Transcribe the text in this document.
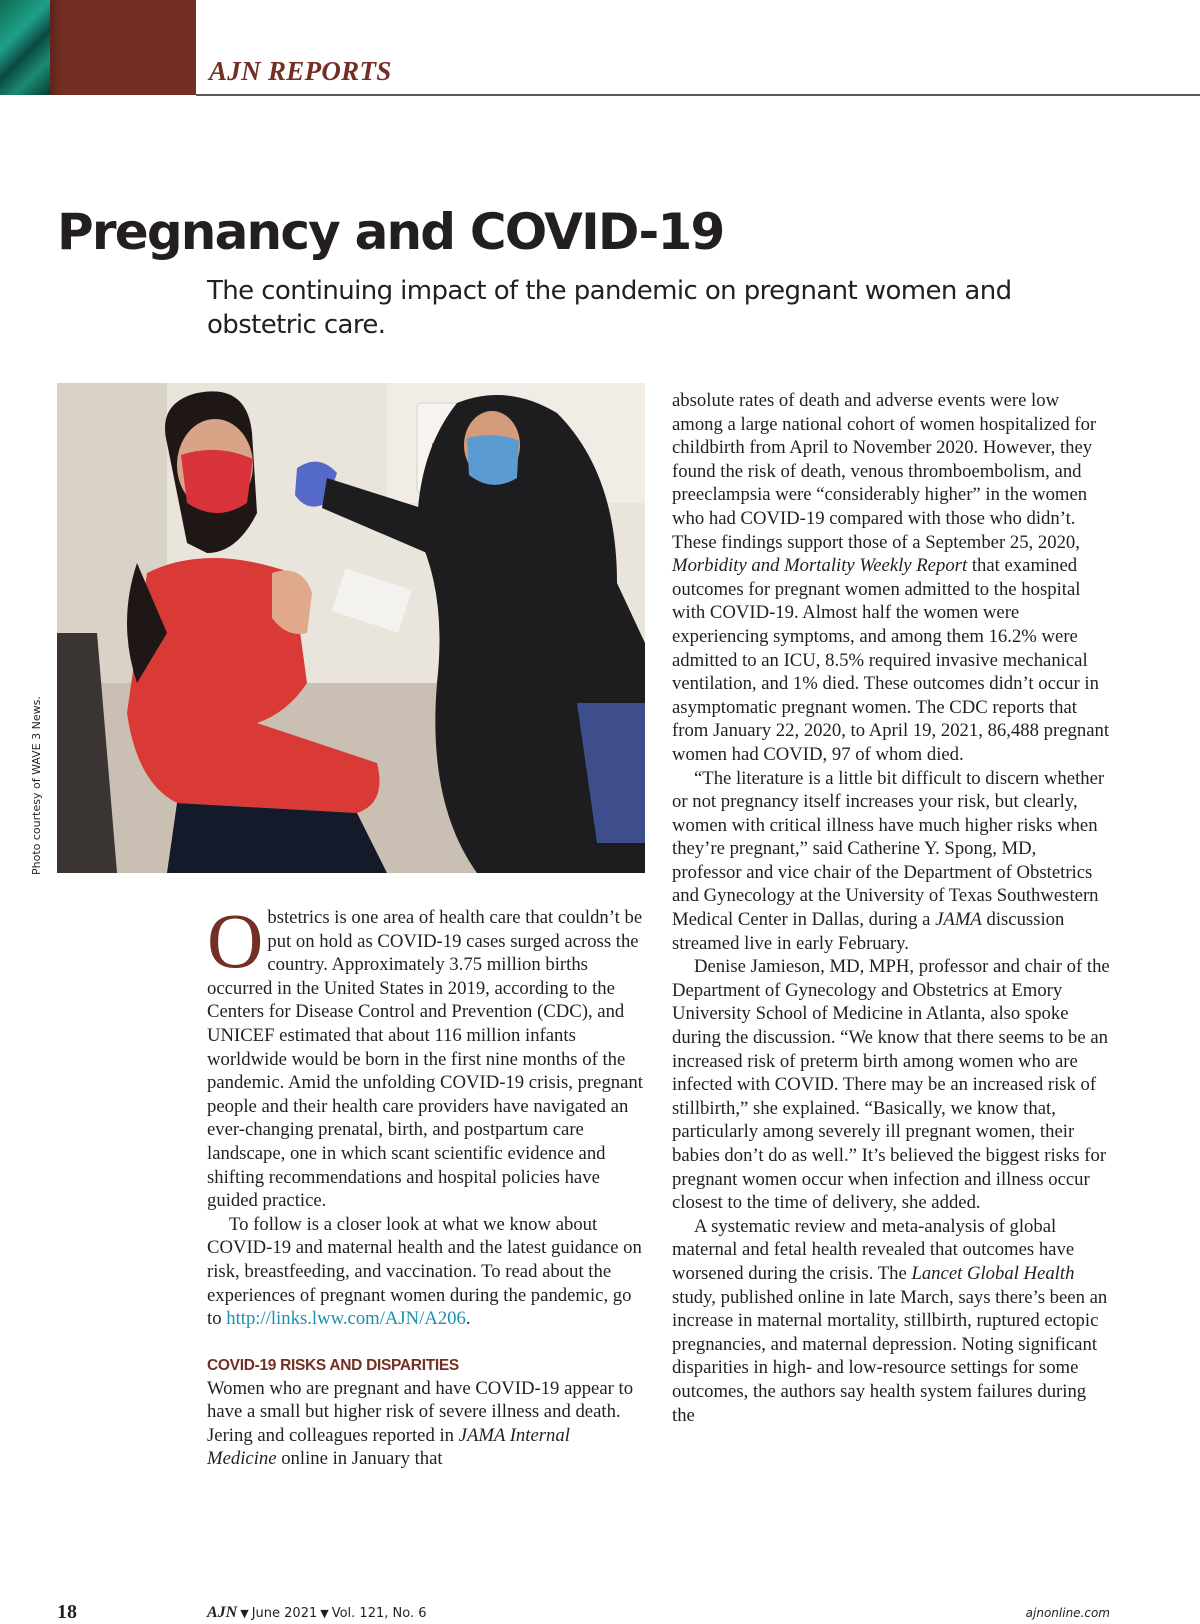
AJN REPORTS
Pregnancy and COVID-19

The continuing impact of the pandemic on pregnant women and obstetric care.

Photo courtesy of WAVE 3 News.

Obstetrics is one area of health care that couldn’t be put on hold as COVID-19 cases surged across the country. Approximately 3.75 million births occurred in the United States in 2019, according to the Centers for Disease Control and Prevention (CDC), and UNICEF estimated that about 116 million infants worldwide would be born in the first nine months of the pandemic. Amid the unfolding COVID-19 crisis, pregnant people and their health care providers have navigated an ever-changing prenatal, birth, and postpartum care landscape, one in which scant scientific evidence and shifting recommendations and hospital policies have guided practice.

To follow is a closer look at what we know about COVID-19 and maternal health and the latest guidance on risk, breastfeeding, and vaccination. To read about the experiences of pregnant women during the pandemic, go to http://links.lww.com/AJN/A206.

COVID-19 RISKS AND DISPARITIES

Women who are pregnant and have COVID-19 appear to have a small but higher risk of severe illness and death. Jering and colleagues reported in JAMA Internal Medicine online in January that

absolute rates of death and adverse events were low among a large national cohort of women hospitalized for childbirth from April to November 2020. However, they found the risk of death, venous thromboembolism, and preeclampsia were “considerably higher” in the women who had COVID-19 compared with those who didn’t. These findings support those of a September 25, 2020, Morbidity and Mortality Weekly Report that examined outcomes for pregnant women admitted to the hospital with COVID-19. Almost half the women were experiencing symptoms, and among them 16.2% were admitted to an ICU, 8.5% required invasive mechanical ventilation, and 1% died. These outcomes didn’t occur in asymptomatic pregnant women. The CDC reports that from January 22, 2020, to April 19, 2021, 86,488 pregnant women had COVID, 97 of whom died.

“The literature is a little bit difficult to discern whether or not pregnancy itself increases your risk, but clearly, women with critical illness have much higher risks when they’re pregnant,” said Catherine Y. Spong, MD, professor and vice chair of the Department of Obstetrics and Gynecology at the University of Texas Southwestern Medical Center in Dallas, during a JAMA discussion streamed live in early February.

Denise Jamieson, MD, MPH, professor and chair of the Department of Gynecology and Obstetrics at Emory University School of Medicine in Atlanta, also spoke during the discussion. “We know that there seems to be an increased risk of preterm birth among women who are infected with COVID. There may be an increased risk of stillbirth,” she explained. “Basically, we know that, particularly among severely ill pregnant women, their babies don’t do as well.” It’s believed the biggest risks for pregnant women occur when infection and illness occur closest to the time of delivery, she added.

A systematic review and meta-analysis of global maternal and fetal health revealed that outcomes have worsened during the crisis. The Lancet Global Health study, published online in late March, says there’s been an increase in maternal mortality, stillbirth, ruptured ectopic pregnancies, and maternal depression. Noting significant disparities in high- and low-resource settings for some outcomes, the authors say health system failures during the

18	AJN ▼ June 2021 ▼ Vol. 121, No. 6	ajnonline.com
